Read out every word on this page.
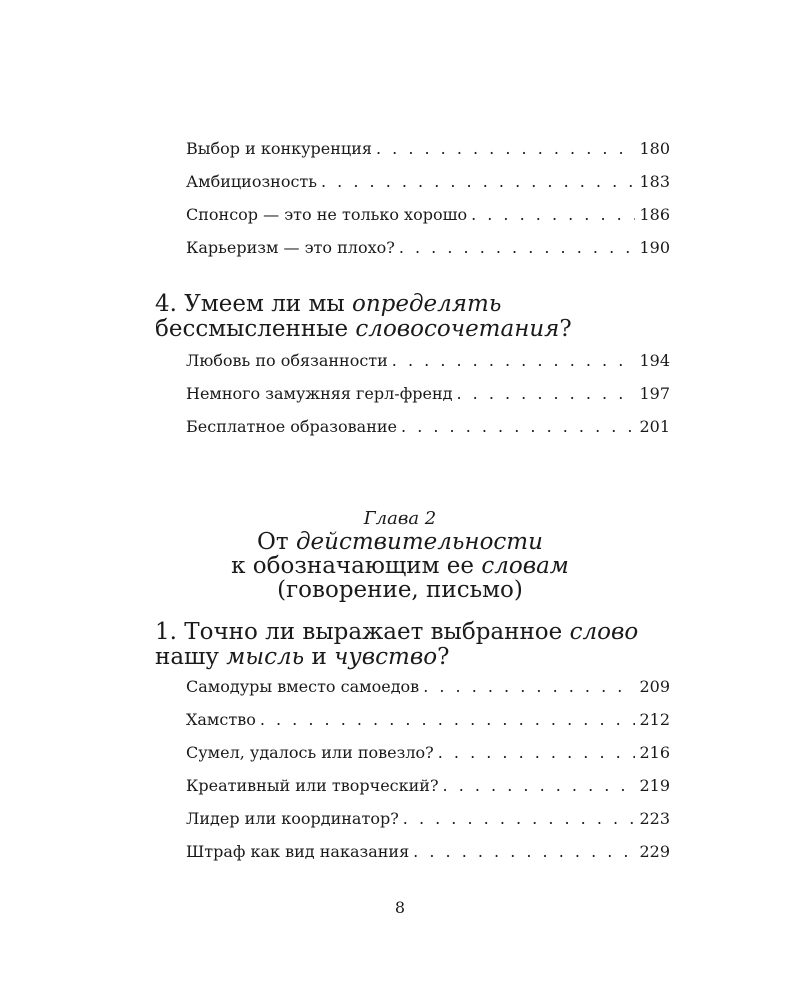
Выбор и конкуренция . . .	180
Амбициозность . . .	183
Спонсор — это не только хорошо . . .	186
Карьеризм — это плохо? . . .	190
4. Умеем ли мы определять
бессмысленные словосочетания?
Любовь по обязанности . . .	194
Немного замужняя герл-френд . . .	197
Бесплатное образование . . .	201
Глава 2
От действительности
к обозначающим ее словам
(говорение, письмо)
1. Точно ли выражает выбранное слово
нашу мысль и чувство?
Самодуры вместо самоедов . . .	209
Хамство . . .	212
Сумел, удалось или повезло? . . .	216
Креативный или творческий? . . .	219
Лидер или координатор? . . .	223
Штраф как вид наказания . . .	229
8
